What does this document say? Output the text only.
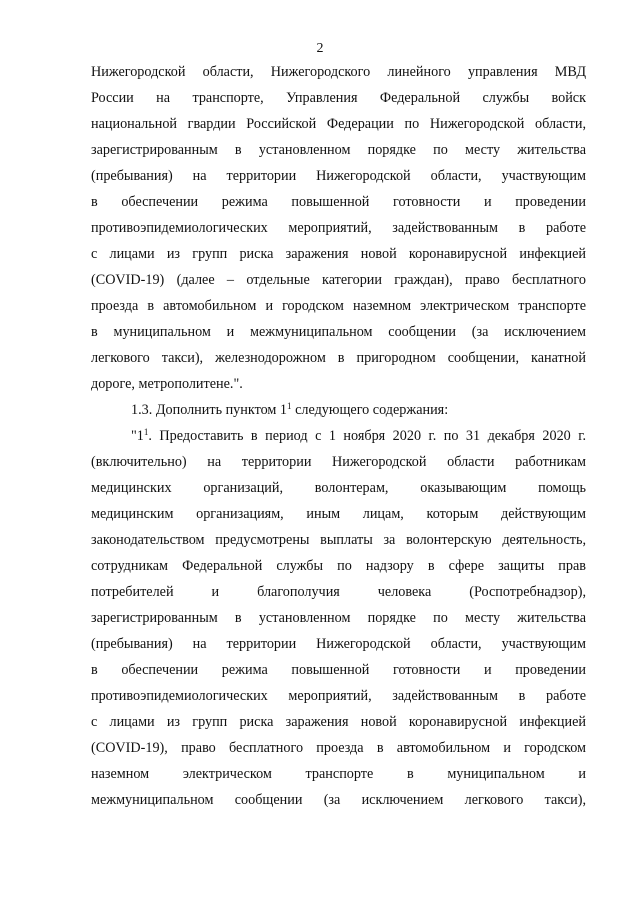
2
Нижегородской области, Нижегородского линейного управления МВД
России на транспорте, Управления Федеральной службы войск
национальной гвардии Российской Федерации по Нижегородской области,
зарегистрированным в установленном порядке по месту жительства
(пребывания) на территории Нижегородской области, участвующим
в обеспечении режима повышенной готовности и проведении
противоэпидемиологических мероприятий, задействованным в работе
с лицами из групп риска заражения новой коронавирусной инфекцией
(COVID-19) (далее – отдельные категории граждан), право бесплатного
проезда в автомобильном и городском наземном электрическом транспорте
в муниципальном и межмуниципальном сообщении (за исключением
легкового такси), железнодорожном в пригородном сообщении, канатной
дороге, метрополитене.".
1.3. Дополнить пунктом $1^1$ следующего содержания:
"$1^1$. Предоставить в период с 1 ноября 2020 г. по 31 декабря 2020 г.
(включительно) на территории Нижегородской области работникам
медицинских организаций, волонтерам, оказывающим помощь
медицинским организациям, иным лицам, которым действующим
законодательством предусмотрены выплаты за волонтерскую деятельность,
сотрудникам Федеральной службы по надзору в сфере защиты прав
потребителей и благополучия человека (Роспотребнадзор),
зарегистрированным в установленном порядке по месту жительства
(пребывания) на территории Нижегородской области, участвующим
в обеспечении режима повышенной готовности и проведении
противоэпидемиологических мероприятий, задействованным в работе
с лицами из групп риска заражения новой коронавирусной инфекцией
(COVID-19), право бесплатного проезда в автомобильном и городском
наземном электрическом транспорте в муниципальном и
межмуниципальном сообщении (за исключением легкового такси),
